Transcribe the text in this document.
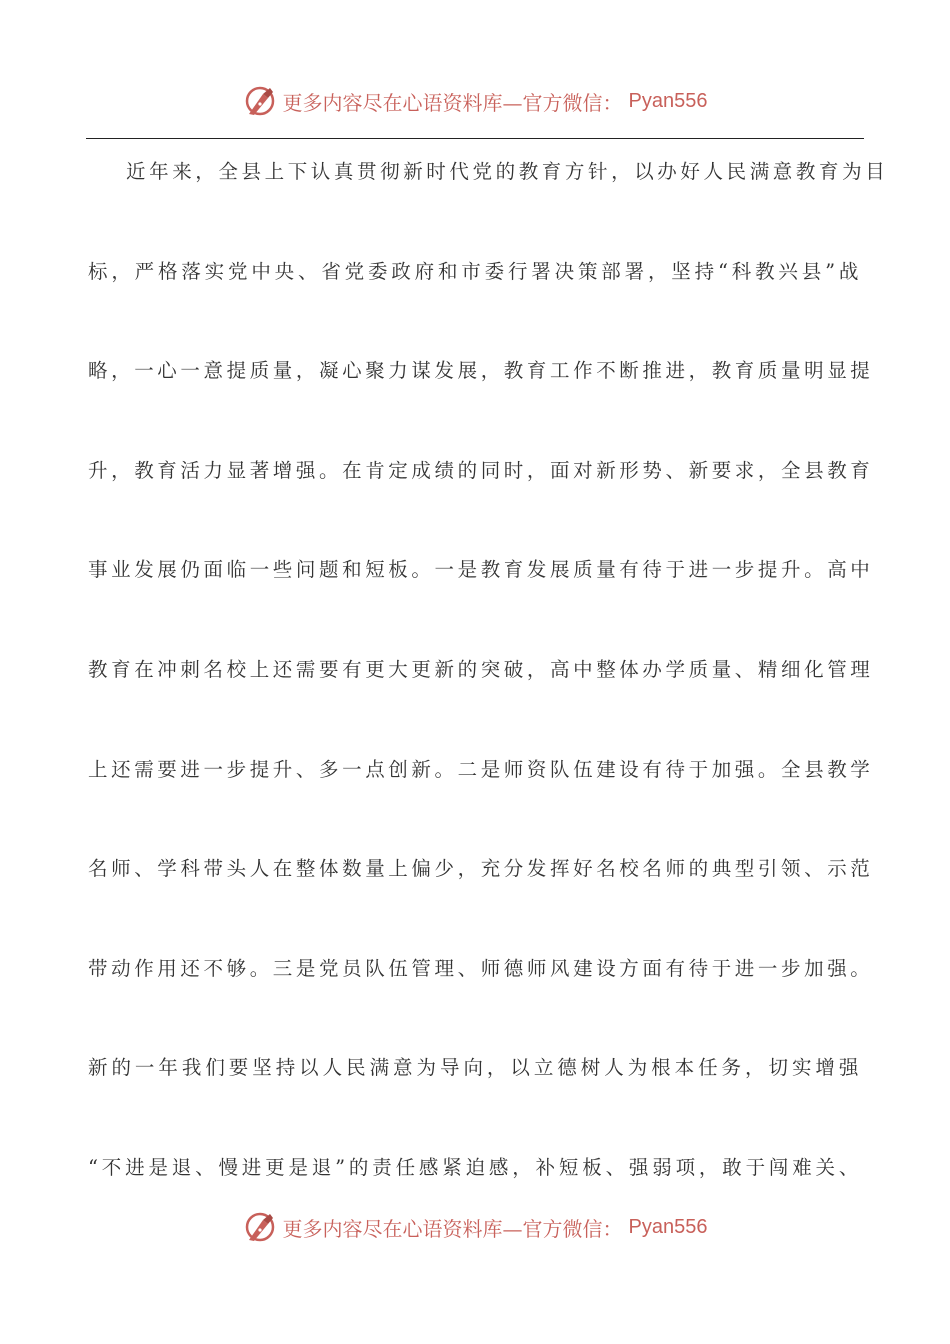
更多内容尽在心语资料库—官方微信： Pyan556
近年来，全县上下认真贯彻新时代党的教育方针，以办好人民满意教育为目
标，严格落实党中央、省党委政府和市委行署决策部署，坚持“科教兴县”战
略，一心一意提质量，凝心聚力谋发展，教育工作不断推进，教育质量明显提
升，教育活力显著增强。在肯定成绩的同时，面对新形势、新要求，全县教育
事业发展仍面临一些问题和短板。一是教育发展质量有待于进一步提升。高中
教育在冲刺名校上还需要有更大更新的突破，高中整体办学质量、精细化管理
上还需要进一步提升、多一点创新。二是师资队伍建设有待于加强。全县教学
名师、学科带头人在整体数量上偏少，充分发挥好名校名师的典型引领、示范
带动作用还不够。三是党员队伍管理、师德师风建设方面有待于进一步加强。
新的一年我们要坚持以人民满意为导向，以立德树人为根本任务，切实增强
“不进是退、慢进更是退”的责任感紧迫感，补短板、强弱项，敢于闯难关、
更多内容尽在心语资料库—官方微信： Pyan556
